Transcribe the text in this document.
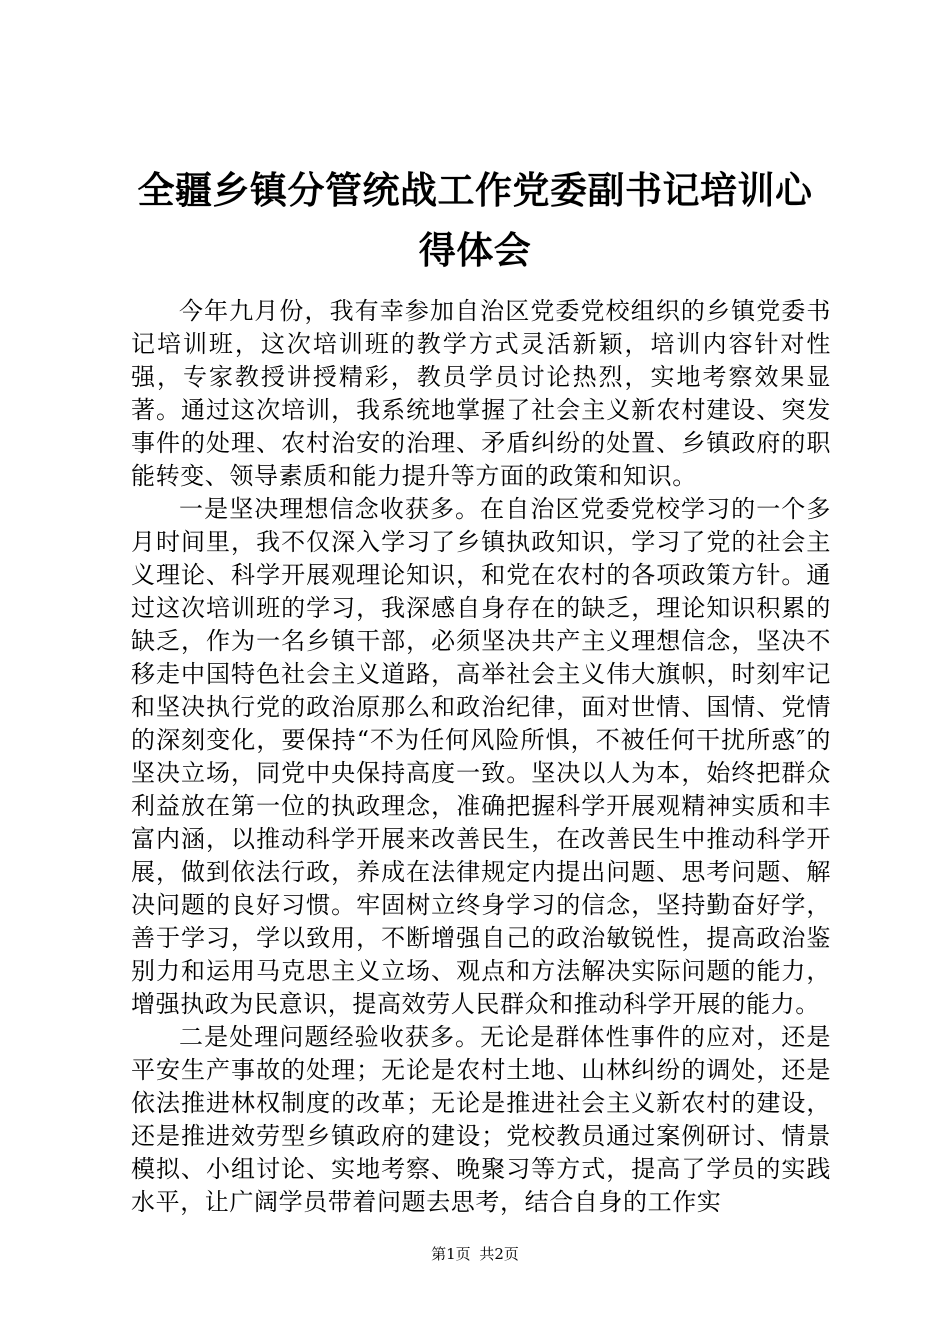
全疆乡镇分管统战工作党委副书记培训心得体会

今年九月份，我有幸参加自治区党委党校组织的乡镇党委书记培训班，这次培训班的教学方式灵活新颖，培训内容针对性强，专家教授讲授精彩，教员学员讨论热烈，实地考察效果显著。通过这次培训，我系统地掌握了社会主义新农村建设、突发事件的处理、农村治安的治理、矛盾纠纷的处置、乡镇政府的职能转变、领导素质和能力提升等方面的政策和知识。

一是坚决理想信念收获多。在自治区党委党校学习的一个多月时间里，我不仅深入学习了乡镇执政知识，学习了党的社会主义理论、科学开展观理论知识，和党在农村的各项政策方针。通过这次培训班的学习，我深感自身存在的缺乏，理论知识积累的缺乏，作为一名乡镇干部，必须坚决共产主义理想信念，坚决不移走中国特色社会主义道路，高举社会主义伟大旗帜，时刻牢记和坚决执行党的政治原那么和政治纪律，面对世情、国情、党情的深刻变化，要保持“不为任何风险所惧，不被任何干扰所惑″的坚决立场，同党中央保持高度一致。坚决以人为本，始终把群众利益放在第一位的执政理念，准确把握科学开展观精神实质和丰富内涵，以推动科学开展来改善民生，在改善民生中推动科学开展，做到依法行政，养成在法律规定内提出问题、思考问题、解决问题的良好习惯。牢固树立终身学习的信念，坚持勤奋好学，善于学习，学以致用，不断增强自己的政治敏锐性，提高政治鉴别力和运用马克思主义立场、观点和方法解决实际问题的能力，增强执政为民意识，提高效劳人民群众和推动科学开展的能力。

二是处理问题经验收获多。无论是群体性事件的应对，还是平安生产事故的处理；无论是农村土地、山林纠纷的调处，还是依法推进林权制度的改革；无论是推进社会主义新农村的建设，还是推进效劳型乡镇政府的建设；党校教员通过案例研讨、情景模拟、小组讨论、实地考察、晚聚习等方式，提高了学员的实践水平，让广阔学员带着问题去思考，结合自身的工作实

第1页 共2页
